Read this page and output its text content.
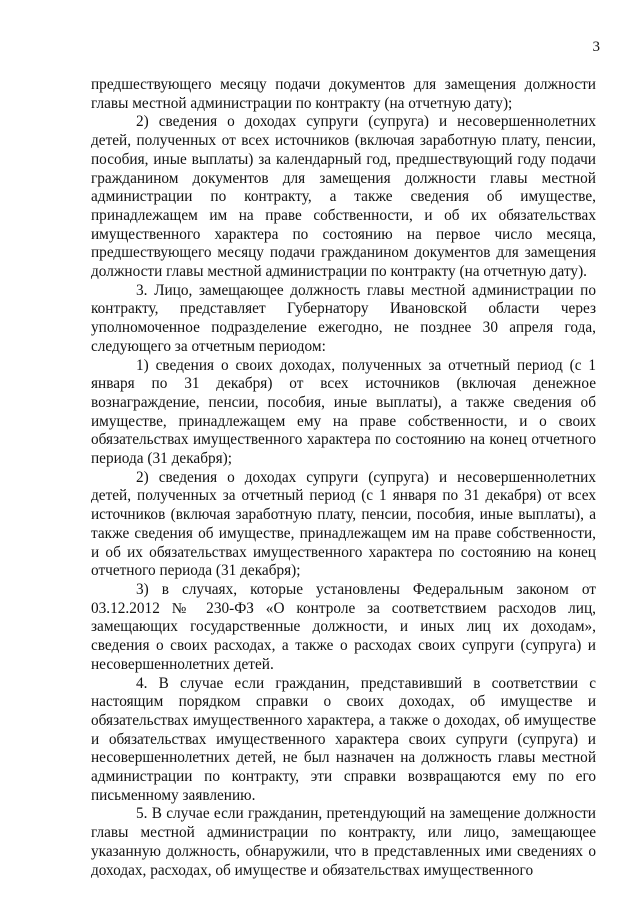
3

предшествующего месяцу подачи документов для замещения должности главы местной администрации по контракту (на отчетную дату);

2) сведения о доходах супруги (супруга) и несовершеннолетних детей, полученных от всех источников (включая заработную плату, пенсии, пособия, иные выплаты) за календарный год, предшествующий году подачи гражданином документов для замещения должности главы местной администрации по контракту, а также сведения об имуществе, принадлежащем им на праве собственности, и об их обязательствах имущественного характера по состоянию на первое число месяца, предшествующего месяцу подачи гражданином документов для замещения должности главы местной администрации по контракту (на отчетную дату).

3. Лицо, замещающее должность главы местной администрации по контракту, представляет Губернатору Ивановской области через уполномоченное подразделение ежегодно, не позднее 30 апреля года, следующего за отчетным периодом:

1) сведения о своих доходах, полученных за отчетный период (с 1 января по 31 декабря) от всех источников (включая денежное вознаграждение, пенсии, пособия, иные выплаты), а также сведения об имуществе, принадлежащем ему на праве собственности, и о своих обязательствах имущественного характера по состоянию на конец отчетного периода (31 декабря);

2) сведения о доходах супруги (супруга) и несовершеннолетних детей, полученных за отчетный период (с 1 января по 31 декабря) от всех источников (включая заработную плату, пенсии, пособия, иные выплаты), а также сведения об имуществе, принадлежащем им на праве собственности, и об их обязательствах имущественного характера по состоянию на конец отчетного периода (31 декабря);

3) в случаях, которые установлены Федеральным законом от 03.12.2012 № 230-ФЗ «О контроле за соответствием расходов лиц, замещающих государственные должности, и иных лиц их доходам», сведения о своих расходах, а также о расходах своих супруги (супруга) и несовершеннолетних детей.

4. В случае если гражданин, представивший в соответствии с настоящим порядком справки о своих доходах, об имуществе и обязательствах имущественного характера, а также о доходах, об имуществе и обязательствах имущественного характера своих супруги (супруга) и несовершеннолетних детей, не был назначен на должность главы местной администрации по контракту, эти справки возвращаются ему по его письменному заявлению.

5. В случае если гражданин, претендующий на замещение должности главы местной администрации по контракту, или лицо, замещающее указанную должность, обнаружили, что в представленных ими сведениях о доходах, расходах, об имуществе и обязательствах имущественного
